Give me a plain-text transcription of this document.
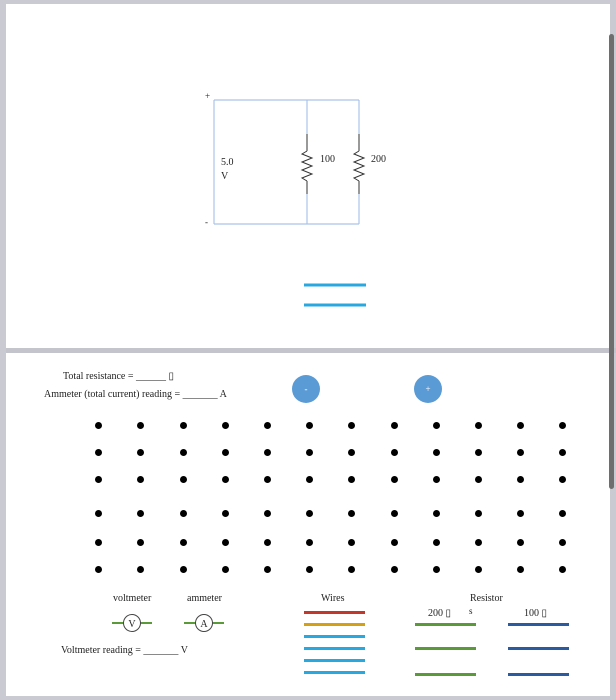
+
-
5.0
V
100	200
Total resistance = ______ ▯
Ammeter (total current) reading = _______ A	-	+
voltmeter
V
ammeter
A
Voltmeter reading = _______ V
Wires	Resistor
s
200 ▯	100 ▯
